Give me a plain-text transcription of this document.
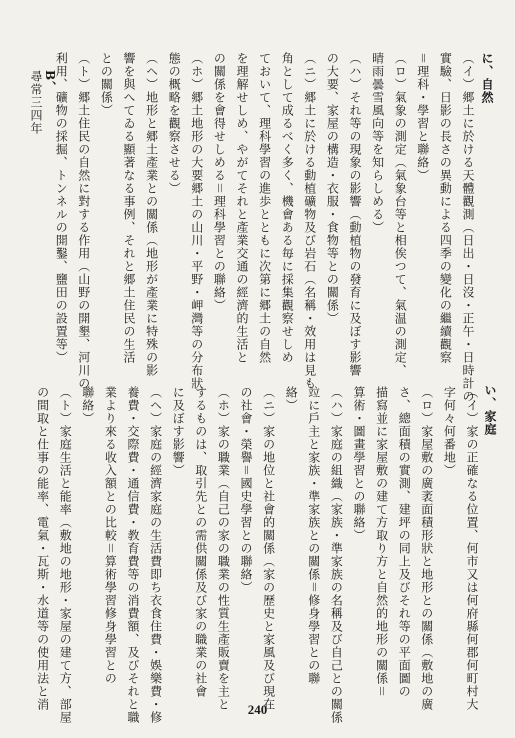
に、自然
（イ）郷土に於ける天體觀測（日出・日沒・正午・日時計の
實驗、日影の長さの異動による四季の變化の繼續觀察
＝理科・學習と聯絡）
（ロ）氣象の測定（氣象台等と相俟つて、氣温の測定、
晴雨曇雪風向等を知らしめる）
（ハ）それ等の現象の影響（動植物の發育に及ぼす影響
の大要、家屋の構造・衣服・食物等との關係）
（ニ）郷土に於ける動植礦物及び岩石（名稱・效用は見も
角として成るべく多く、機會ある毎に採集觀察せしめ
ておいて、理科學習の進歩とともに次第に郷土の自然
を理解せしめ、やがてそれと產業交通の經濟的生活と
の關係を會得せしめる＝理科學習との聯絡）
（ホ）郷土地形の大要郷土の山川・平野・岬灣等の分布狀
態の概略を觀察させる）
（ヘ）地形と郷土產業との關係（地形が產業に特殊の影
響を與へてゐる顯著なる事例、それと郷土住民の生活
との關係）
（ト）郷土住民の自然に對する作用（山野の開墾、河川の
利用、礦物の採掘、トンネルの開鑿、鹽田の設置等）
B、
尋常三四年
い、家庭
（イ）家の正確なる位置、何市又は何府縣何郡何町村大
字何々何番地）
（ロ）家屋敷の廣袤面積形狀と地形との關係（敷地の廣
さ、總面積の實測、建坪の同上及びそれ等の平面圖の
描寫並に家屋敷の建て方取り方と自然的地形の關係＝
算術・圖畫學習との聯絡）
（ハ）家庭の組織（家族・準家族の名稱及び自己との關係
竝に戶主と家族・準家族との關係＝修身學習との聯
絡）
（ニ）家の地位と社會的關係（家の歷史と家風及び現在
の社會・榮譽＝國史學習との聯絡）
（ホ）家の職業（自己の家の職業の性質生產販賣を主と
するものは、取引先との需供關係及び家の職業の社會
に及ぼす影響）
（ヘ）家庭の經濟家庭の生活費即ち衣食住費・娛樂費・修
養費・交際費・通信費・教育費等の消費額、及びそれと職
業より來る收入額との比較＝算術學習修身學習との
聯絡）
（ト）家庭生活と能率（敷地の地形・家屋の建て方、部屋
の間取と仕事の能率、電氣・瓦斯・水道等の使用法と消	240
